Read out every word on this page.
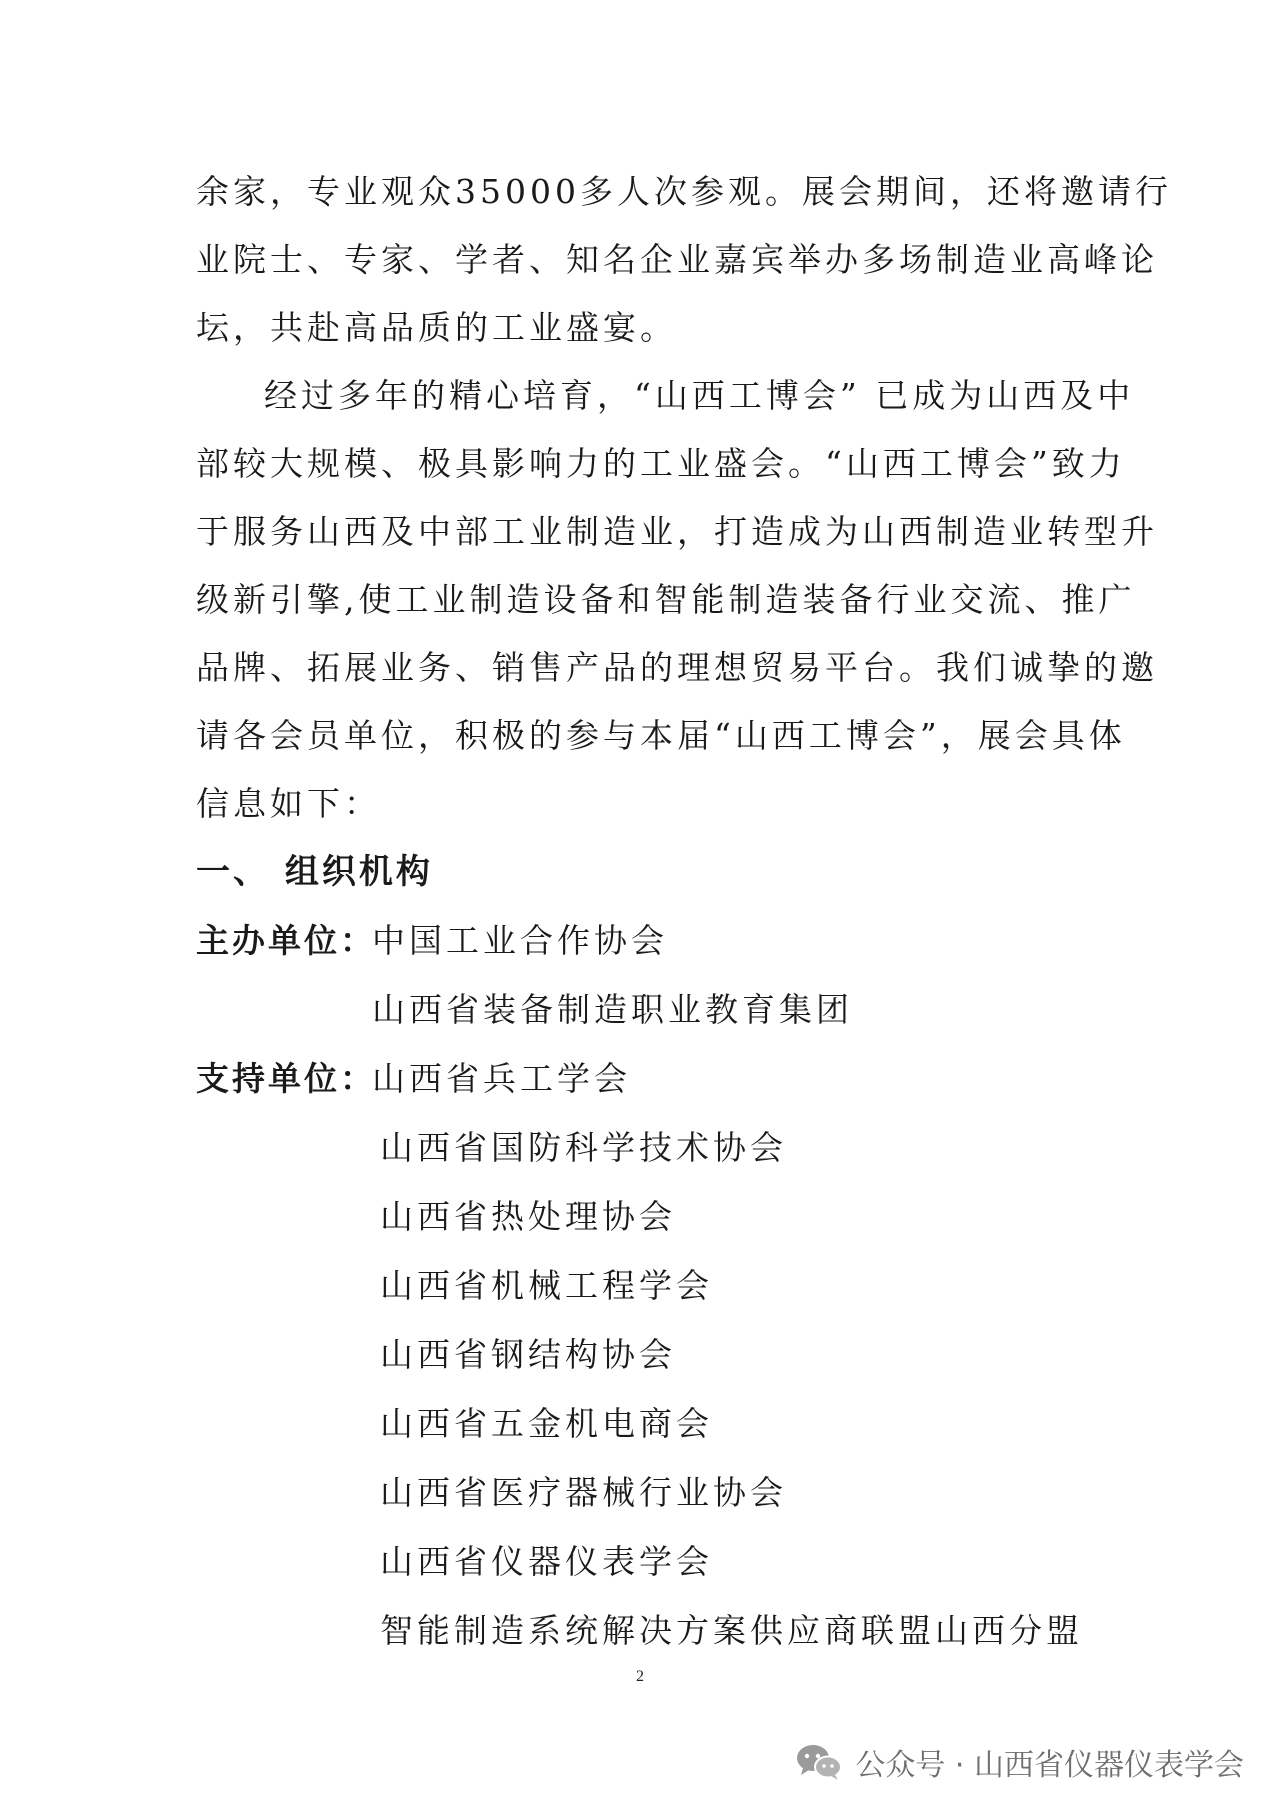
余家，专业观众35000多人次参观。展会期间，还将邀请行
业院士、专家、学者、知名企业嘉宾举办多场制造业高峰论
坛，共赴高品质的工业盛宴。
经过多年的精心培育，“山西工博会” 已成为山西及中
部较大规模、极具影响力的工业盛会。“山西工博会”致力
于服务山西及中部工业制造业，打造成为山西制造业转型升
级新引擎,使工业制造设备和智能制造装备行业交流、推广
品牌、拓展业务、销售产品的理想贸易平台。我们诚挚的邀
请各会员单位，积极的参与本届“山西工博会”，展会具体
信息如下：
一、 组织机构
主办单位：
中国工业合作协会
山西省装备制造职业教育集团
支持单位：
山西省兵工学会
山西省国防科学技术协会
山西省热处理协会
山西省机械工程学会
山西省钢结构协会
山西省五金机电商会
山西省医疗器械行业协会
山西省仪器仪表学会
智能制造系统解决方案供应商联盟山西分盟
2
公众号 · 山西省仪器仪表学会
